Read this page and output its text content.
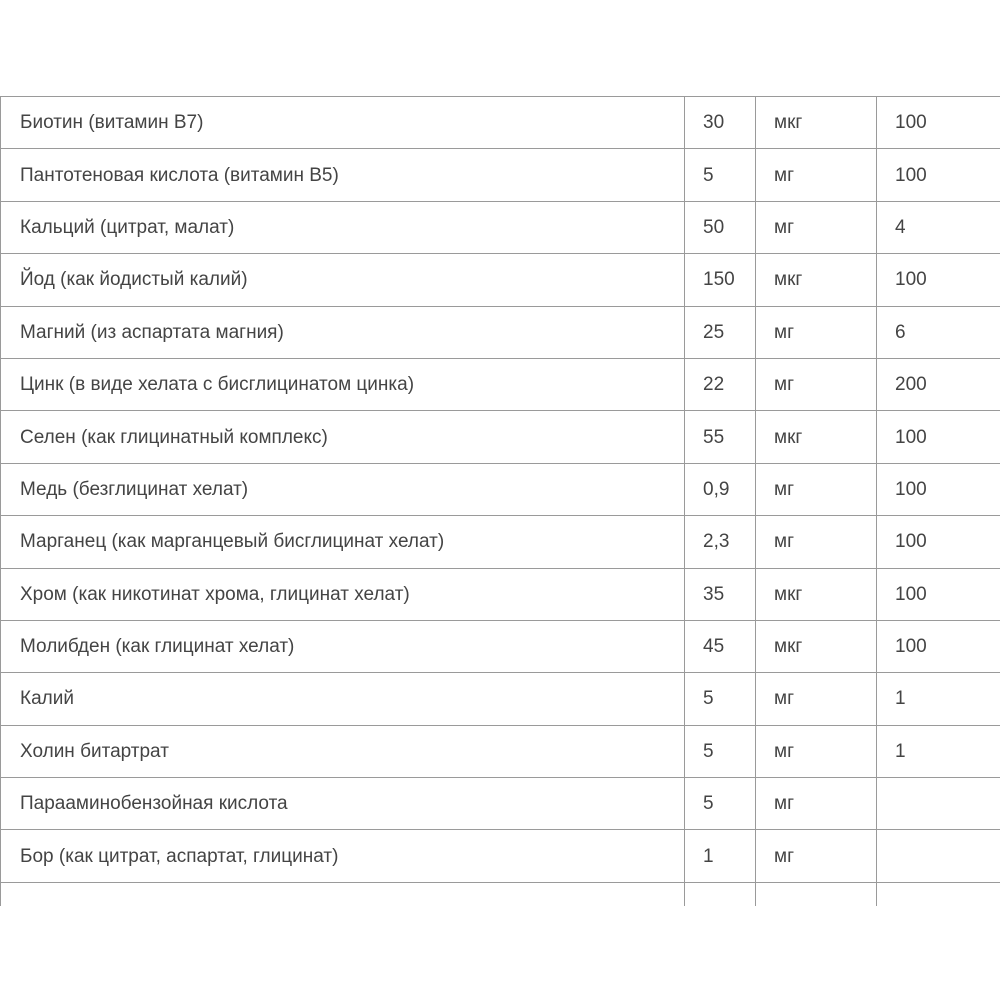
Биотин (витамин В7)	30	мкг	100
Пантотеновая кислота (витамин В5)	5	мг	100
Кальций (цитрат, малат)	50	мг	4
Йод (как йодистый калий)	150	мкг	100
Магний (из аспартата магния)	25	мг	6
Цинк (в виде хелата с бисглицинатом цинка)	22	мг	200
Селен (как глицинатный комплекс)	55	мкг	100
Медь (безглицинат хелат)	0,9	мг	100
Марганец (как марганцевый бисглицинат хелат)	2,3	мг	100
Хром (как никотинат хрома, глицинат хелат)	35	мкг	100
Молибден (как глицинат хелат)	45	мкг	100
Калий	5	мг	1
Холин битартрат	5	мг	1
Парааминобензойная кислота	5	мг	
Бор (как цитрат, аспартат, глицинат)	1	мг	
